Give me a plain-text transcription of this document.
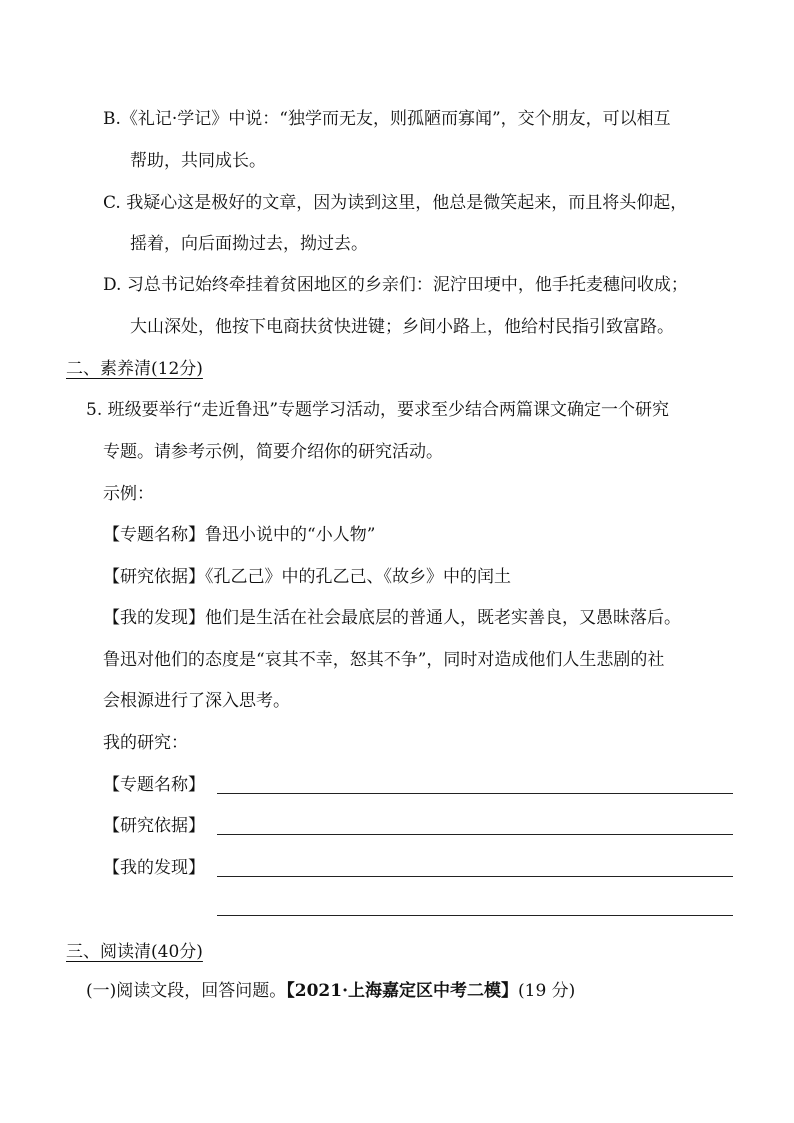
B.《礼记·学记》中说：“独学而无友，则孤陋而寡闻”，交个朋友，可以相互
帮助，共同成长。
C. 我疑心这是极好的文章，因为读到这里，他总是微笑起来，而且将头仰起，
摇着，向后面拗过去，拗过去。
D. 习总书记始终牵挂着贫困地区的乡亲们：泥泞田埂中，他手托麦穗问收成；
大山深处，他按下电商扶贫快进键；乡间小路上，他给村民指引致富路。
二、素养清(12分)
5. 班级要举行“走近鲁迅”专题学习活动，要求至少结合两篇课文确定一个研究
专题。请参考示例，简要介绍你的研究活动。
示例：
【专题名称】鲁迅小说中的“小人物”
【研究依据】《孔乙己》中的孔乙己、《故乡》中的闰土
【我的发现】他们是生活在社会最底层的普通人，既老实善良，又愚昧落后。
鲁迅对他们的态度是“哀其不幸，怒其不争”，同时对造成他们人生悲剧的社
会根源进行了深入思考。
我的研究：
【专题名称】
【研究依据】
【我的发现】
三、阅读清(40分)
(一)阅读文段，回答问题。【2021·上海嘉定区中考二模】(19 分)
